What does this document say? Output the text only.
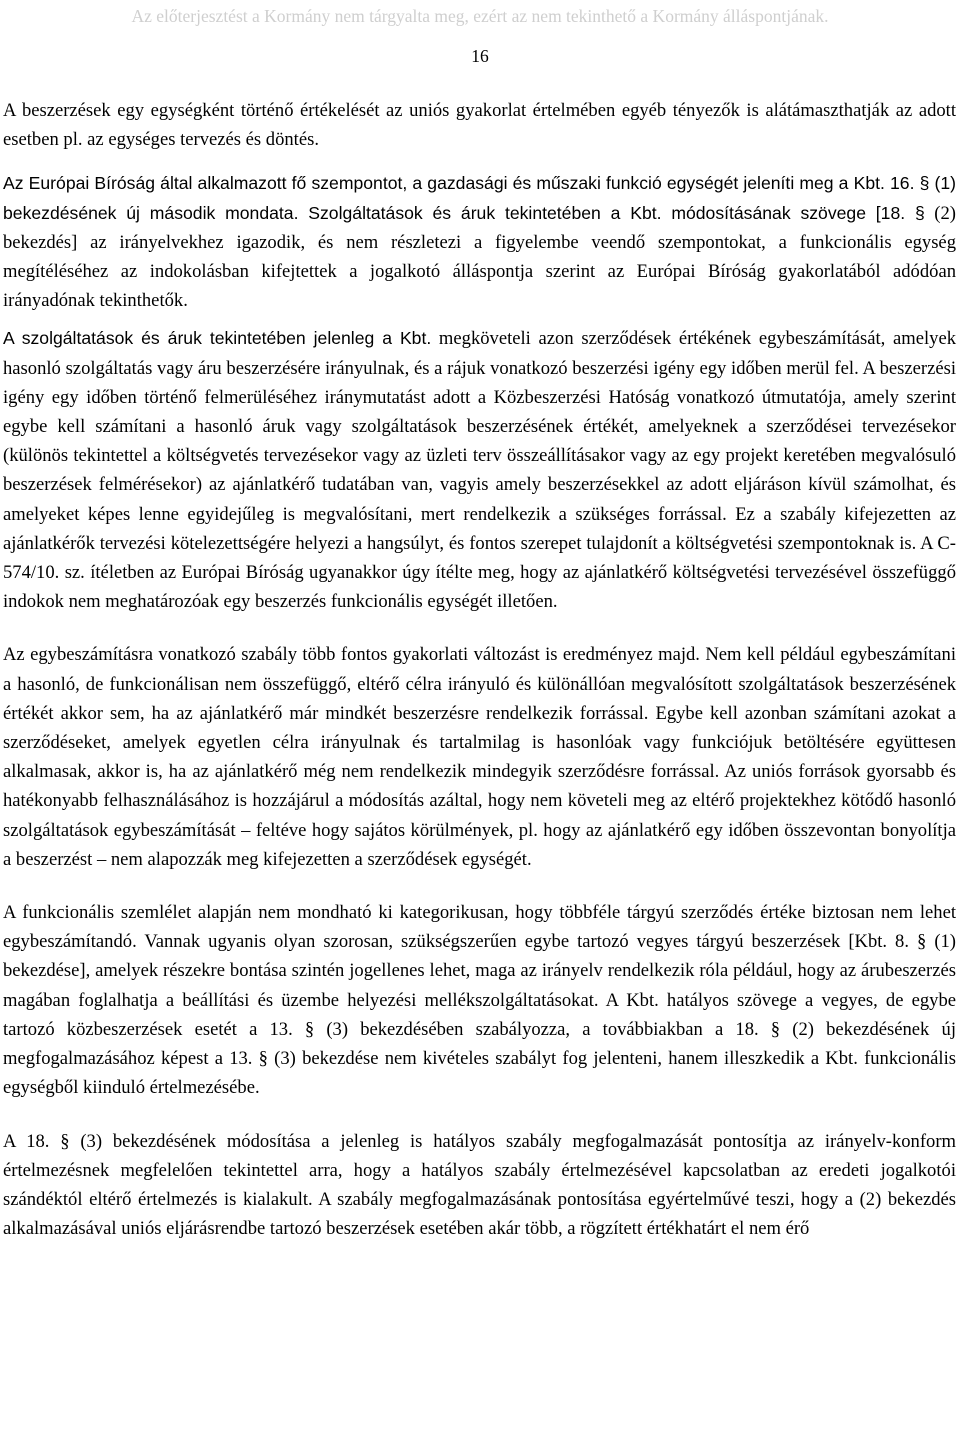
Az előterjesztést a Kormány nem tárgyalta meg, ezért az nem tekinthető a Kormány álláspontjának.
16

A beszerzések egy egységként történő értékelését az uniós gyakorlat értelmében egyéb tényezők is alátámaszthatják az adott esetben pl. az egységes tervezés és döntés.

Az Európai Bíróság által alkalmazott fő szempontot, a gazdasági és műszaki funkció egységét jeleníti meg a Kbt. 16. § (1) bekezdésének új második mondata. Szolgáltatások és áruk tekintetében a Kbt. módosításának szövege [18. § (2) bekezdés] az irányelvekhez igazodik, és nem részletezi a figyelembe veendő szempontokat, a funkcionális egység megítéléséhez az indokolásban kifejtettek a jogalkotó álláspontja szerint az Európai Bíróság gyakorlatából adódóan irányadónak tekinthetők.

A szolgáltatások és áruk tekintetében jelenleg a Kbt. megköveteli azon szerződések értékének egybeszámítását, amelyek hasonló szolgáltatás vagy áru beszerzésére irányulnak, és a rájuk vonatkozó beszerzési igény egy időben merül fel. A beszerzési igény egy időben történő felmerüléséhez iránymutatást adott a Közbeszerzési Hatóság vonatkozó útmutatója, amely szerint egybe kell számítani a hasonló áruk vagy szolgáltatások beszerzésének értékét, amelyeknek a szerződései tervezésekor (különös tekintettel a költségvetés tervezésekor vagy az üzleti terv összeállításakor vagy az egy projekt keretében megvalósuló beszerzések felmérésekor) az ajánlatkérő tudatában van, vagyis amely beszerzésekkel az adott eljáráson kívül számolhat, és amelyeket képes lenne egyidejűleg is megvalósítani, mert rendelkezik a szükséges forrással. Ez a szabály kifejezetten az ajánlatkérők tervezési kötelezettségére helyezi a hangsúlyt, és fontos szerepet tulajdonít a költségvetési szempontoknak is. A C-574/10. sz. ítéletben az Európai Bíróság ugyanakkor úgy ítélte meg, hogy az ajánlatkérő költségvetési tervezésével összefüggő indokok nem meghatározóak egy beszerzés funkcionális egységét illetően.

Az egybeszámításra vonatkozó szabály több fontos gyakorlati változást is eredményez majd. Nem kell például egybeszámítani a hasonló, de funkcionálisan nem összefüggő, eltérő célra irányuló és különállóan megvalósított szolgáltatások beszerzésének értékét akkor sem, ha az ajánlatkérő már mindkét beszerzésre rendelkezik forrással. Egybe kell azonban számítani azokat a szerződéseket, amelyek egyetlen célra irányulnak és tartalmilag is hasonlóak vagy funkciójuk betöltésére együttesen alkalmasak, akkor is, ha az ajánlatkérő még nem rendelkezik mindegyik szerződésre forrással. Az uniós források gyorsabb és hatékonyabb felhasználásához is hozzájárul a módosítás azáltal, hogy nem követeli meg az eltérő projektekhez kötődő hasonló szolgáltatások egybeszámítását – feltéve hogy sajátos körülmények, pl. hogy az ajánlatkérő egy időben összevontan bonyolítja a beszerzést – nem alapozzák meg kifejezetten a szerződések egységét.

A funkcionális szemlélet alapján nem mondható ki kategorikusan, hogy többféle tárgyú szerződés értéke biztosan nem lehet egybeszámítandó. Vannak ugyanis olyan szorosan, szükségszerűen egybe tartozó vegyes tárgyú beszerzések [Kbt. 8. § (1) bekezdése], amelyek részekre bontása szintén jogellenes lehet, maga az irányelv rendelkezik róla például, hogy az árubeszerzés magában foglalhatja a beállítási és üzembe helyezési mellékszolgáltatásokat. A Kbt. hatályos szövege a vegyes, de egybe tartozó közbeszerzések esetét a 13. § (3) bekezdésében szabályozza, a továbbiakban a 18. § (2) bekezdésének új megfogalmazásához képest a 13. § (3) bekezdése nem kivételes szabályt fog jelenteni, hanem illeszkedik a Kbt. funkcionális egységből kiinduló értelmezésébe.

A 18. § (3) bekezdésének módosítása a jelenleg is hatályos szabály megfogalmazását pontosítja az irányelv-konform értelmezésnek megfelelően tekintettel arra, hogy a hatályos szabály értelmezésével kapcsolatban az eredeti jogalkotói szándéktól eltérő értelmezés is kialakult. A szabály megfogalmazásának pontosítása egyértelművé teszi, hogy a (2) bekezdés alkalmazásával uniós eljárásrendbe tartozó beszerzések esetében akár több, a rögzített értékhatárt el nem érő
